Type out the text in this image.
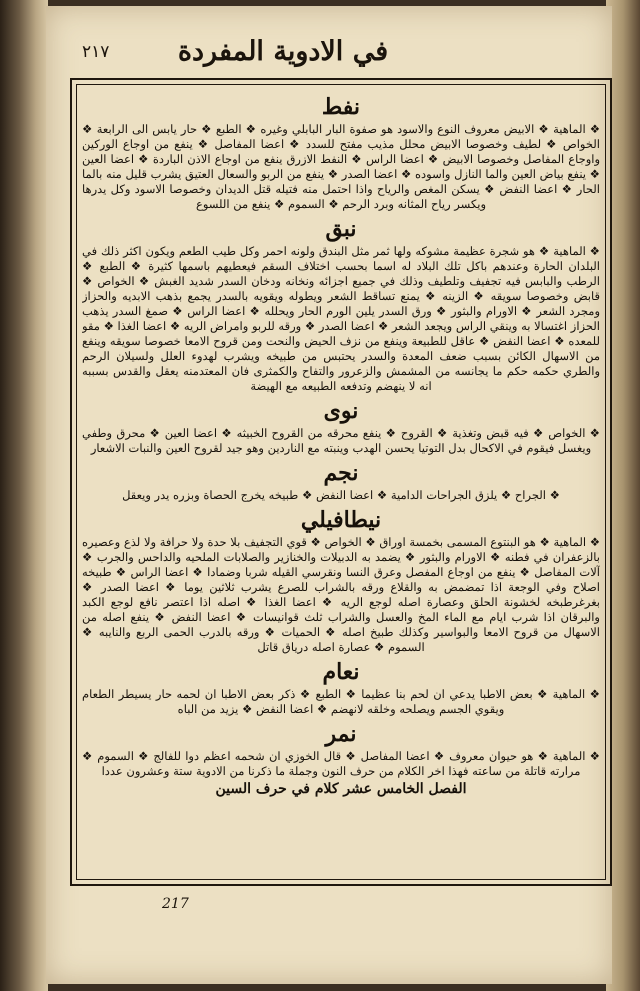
في الادوية المفردة
٢١٧
نفط

❖ الماهية ❖ الابيض معروف النوع والاسود هو صفوة البار البابلي وغيره ❖ الطبع ❖ حار يابس الى الرابعة ❖ الخواص ❖ لطيف وخصوصا الابيض محلل مذيب مفتح للسدد ❖ اعضا المفاصل ❖ ينفع من اوجاع الوركين واوجاع المفاصل وخصوصا الابيض ❖ اعضا الراس ❖ النفط الازرق ينفع من اوجاع الاذن الباردة ❖ اعضا العين ❖ ينفع بياض العين والما النازل واسوده ❖ اعضا الصدر ❖ ينفع من الربو والسعال العتيق يشرب قليل منه بالما الحار ❖ اعضا النفض ❖ يسكن المغص والرياح واذا احتمل منه فتيله قتل الديدان وخصوصا الاسود وكل يدرها ويكسر رياح المثانه وبرد الرحم ❖ السموم ❖ ينفع من اللسوع

نبق

❖ الماهية ❖ هو شجرة عظيمة مشوكه ولها ثمر مثل البندق ولونه احمر وكل طيب الطعم ويكون اكثر ذلك في البلدان الحارة وعندهم باكل تلك البلاد له اسما بحسب اختلاف السقم فيعطيهم باسمها كثيرة ❖ الطبع ❖ الرطب والبابس فيه تجفيف وتلطيف وذلك في جميع اجزائه ونخانه ودخان السدر شديد الغبش ❖ الخواص ❖ قابض وخصوصا سويقه ❖ الزينه ❖ يمنع تساقط الشعر ويطوله ويقويه بالسدر يجمع بذهب الابديه والحزاز ومجرد الشعر ❖ الاورام والبثور ❖ ورق السدر يلين الورم الحار ويحلله ❖ اعضا الراس ❖ صمغ السدر يذهب الحزاز اغتسالا به وينقي الراس ويجعد الشعر ❖ اعضا الصدر ❖ ورقه للربو وامراض الريه ❖ اعضا الغذا ❖ مقو للمعده ❖ اعضا النفض ❖ عاقل للطبيعة وينفع من نزف الحيض والنحت ومن قروح الامعا خصوصا سويقه وينفع من الاسهال الكائن بسبب ضعف المعدة والسدر يحتبس من طبيخه ويشرب لهدوء العلل ولسيلان الرحم والطري حكمه حكم ما يجانسه من المشمش والزعرور والتفاح والكمثرى فان المعتدمنه يعقل والقدس بسببه انه لا ينهضم وتدفعه الطبيعه مع الهيضة

نوى

❖ الخواص ❖ فيه قبض وتغذية ❖ القروح ❖ ينفع محرقه من القروح الخبيثه ❖ اعضا العين ❖ محرق وطفي ويغسل فيقوم في الاكحال بدل التوتيا يحسن الهدب وينبته مع الناردين وهو جيد لقروح العين والنبات الاشعار

نجم

❖ الجراح ❖ يلزق الجراحات الدامية ❖ اعضا النفض ❖ طبيخه يخرج الحصاة وبزره يدر ويعقل

نيطافيلي

❖ الماهية ❖ هو البنتوع المسمى بخمسة اوراق ❖ الخواص ❖ قوي التجفيف بلا حدة ولا حرافة ولا لذع وعصيره بالزعفران في فطنه ❖ الاورام والبثور ❖ يضمد به الدبيلات والخنازير والصلابات الملحيه والداحس والجرب ❖ آلات المفاصل ❖ ينفع من اوجاع المفصل وعرق النسا ونقرسي القيله شربا وضمادا ❖ اعضا الراس ❖ طبيخه اصلاح وفي الوجعة اذا تمضمض به والقلاع ورقه بالشراب للصرع يشرب ثلاثين يوما ❖ اعضا الصدر ❖ بغرغرطبخه لخشونة الحلق وعصارة اصله لوجع الريه ❖ اعضا الغذا ❖ اصله اذا اعتصر نافع لوجع الكبد والبرقان اذا شرب ايام مع الماء المخ والعسل والشراب ثلث قوانيسات ❖ اعضا النفض ❖ ينفع اصله من الاسهال من قروح الامعا والبواسير وكذلك طبيخ اصله ❖ الحميات ❖ ورقه بالدرب الحمى الربع والنايبه ❖ السموم ❖ عصارة اصله درياق قاتل

نعام

❖ الماهية ❖ بعض الاطبا يدعي ان لحم بنا عظيما ❖ الطبع ❖ ذكر بعض الاطبا ان لحمه حار يسيطر الطعام ويقوي الجسم ويصلحه وخلقه لانهضم ❖ اعضا النفض ❖ يزيد من الباه

نمر

❖ الماهية ❖ هو حيوان معروف ❖ اعضا المفاصل ❖ قال الخوزي ان شحمه اعظم دوا للفالج ❖ السموم ❖ مرارته قاتلة من ساعته فهذا اخر الكلام من حرف النون وجملة ما ذكرنا من الادوية ستة وعشرون عددا

الفصل الخامس عشر كلام في حرف السين
217
